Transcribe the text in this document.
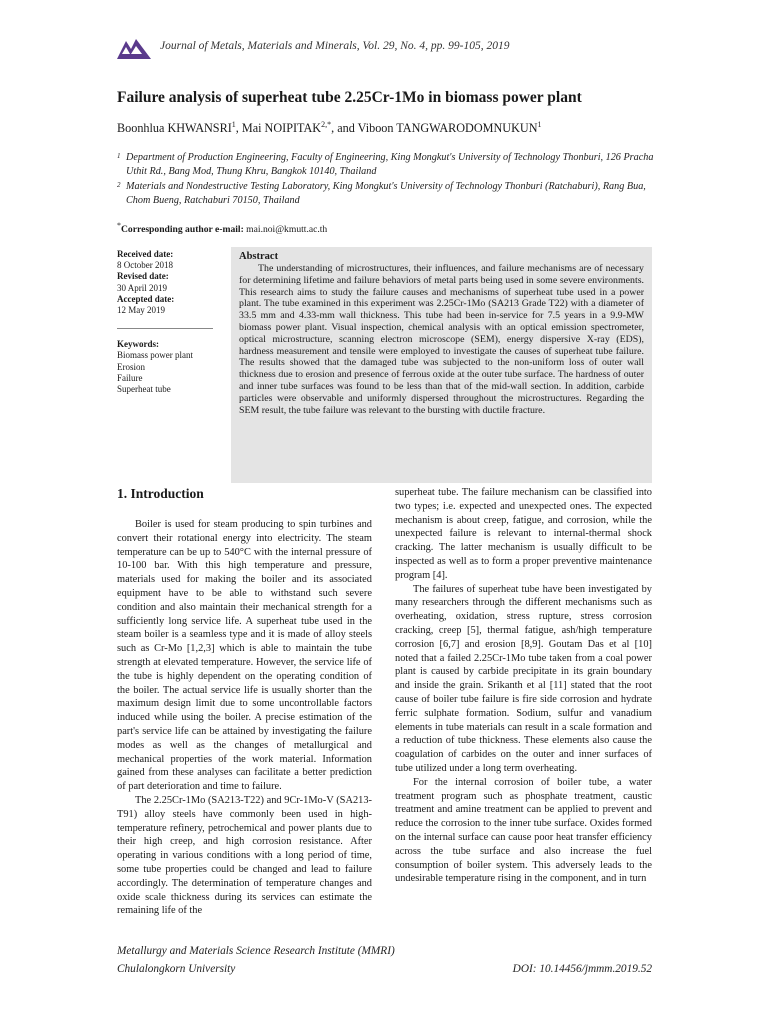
Journal of Metals, Materials and Minerals, Vol. 29, No. 4, pp. 99-105, 2019
Failure analysis of superheat tube 2.25Cr-1Mo in biomass power plant
Boonhlua KHWANSRI$^1$, Mai $NOIPITAK^{2,*}$, and Viboon TANGWARODOMNUKUN$^1$
1 Department of Production Engineering, Faculty of Engineering, King Mongkut's University of Technology Thonburi, 126 Pracha Uthit Rd., Bang Mod, Thung Khru, Bangkok 10140, Thailand
2 Materials and Nondestructive Testing Laboratory, King Mongkut's University of Technology Thonburi (Ratchaburi), Rang Bua, Chom Bueng, Ratchaburi 70150, Thailand
*Corresponding author e-mail: mai.noi@kmutt.ac.th
Received date:
8 October 2018
Revised date:
30 April 2019
Accepted date:
12 May 2019
Keywords:
Biomass power plant
Erosion
Failure
Superheat tube
Abstract

The understanding of microstructures, their influences, and failure mechanisms are of necessary for determining lifetime and failure behaviors of metal parts being used in some severe environments. This research aims to study the failure causes and mechanisms of superheat tube used in a power plant. The tube examined in this experiment was 2.25Cr-1Mo (SA213 Grade T22) with a diameter of 33.5 mm and 4.33-mm wall thickness. This tube had been in-service for 7.5 years in a 9.9-MW biomass power plant. Visual inspection, chemical analysis with an optical emission spectrometer, optical microstructure, scanning electron microscope (SEM), energy dispersive X-ray (EDS), hardness measurement and tensile were employed to investigate the causes of superheat tube failure. The results showed that the damaged tube was subjected to the non-uniform loss of outer wall thickness due to erosion and presence of ferrous oxide at the outer tube surface. The hardness of outer and inner tube surfaces was found to be less than that of the mid-wall section. In addition, carbide particles were observable and uniformly dispersed throughout the microstructures. Regarding the SEM result, the tube failure was relevant to the bursting with ductile fracture.

1. Introduction

Boiler is used for steam producing to spin turbines and convert their rotational energy into electricity. The steam temperature can be up to 540°C with the internal pressure of 10-100 bar. With this high temperature and pressure, materials used for making the boiler and its associated equipment have to be able to withstand such severe condition and also maintain their mechanical strength for a sufficiently long service life. A superheat tube used in the steam boiler is a seamless type and it is made of alloy steels such as Cr-Mo [1,2,3] which is able to maintain the tube strength at elevated temperature. However, the service life of the tube is highly dependent on the operating condition of the boiler. The actual service life is usually shorter than the maximum design limit due to some uncontrollable factors induced while using the boiler. A precise estimation of the part's service life can be attained by investigating the failure modes as well as the changes of metallurgical and mechanical properties of the work material. Information gained from these analyses can facilitate a better prediction of part deterioration and time to failure.

The 2.25Cr-1Mo (SA213-T22) and 9Cr-1Mo-V (SA213-T91) alloy steels have commonly been used in high-temperature refinery, petrochemical and power plants due to their high creep, and high corrosion resistance. After operating in various conditions with a long period of time, some tube properties could be changed and lead to failure accordingly. The determination of temperature changes and oxide scale thickness during its services can estimate the remaining life of the

superheat tube. The failure mechanism can be classified into two types; i.e. expected and unexpected ones. The expected mechanism is about creep, fatigue, and corrosion, while the unexpected failure is relevant to internal-thermal shock cracking. The latter mechanism is usually difficult to be inspected as well as to form a proper preventive maintenance program [4].

The failures of superheat tube have been investigated by many researchers through the different mechanisms such as overheating, oxidation, stress rupture, stress corrosion cracking, creep [5], thermal fatigue, ash/high temperature corrosion [6,7] and erosion [8,9]. Goutam Das et al [10] noted that a failed 2.25Cr-1Mo tube taken from a coal power plant is caused by carbide precipitate in its grain boundary and inside the grain. Srikanth et al [11] stated that the root cause of boiler tube failure is fire side corrosion and hydrate ferric sulphate formation. Sodium, sulfur and vanadium elements in tube materials can result in a scale formation and a reduction of tube thickness. These elements also cause the coagulation of carbides on the outer and inner surfaces of tube utilized under a long term overheating.

For the internal corrosion of boiler tube, a water treatment program such as phosphate treatment, caustic treatment and amine treatment can be applied to prevent and reduce the corrosion to the inner tube surface. Oxides formed on the internal surface can cause poor heat transfer efficiency across the tube surface and also increase the fuel consumption of boiler system. This adversely leads to the undesirable temperature rising in the component, and in turn

Metallurgy and Materials Science Research Institute (MMRI)
Chulalongkorn University	DOI: 10.14456/jmmm.2019.52
